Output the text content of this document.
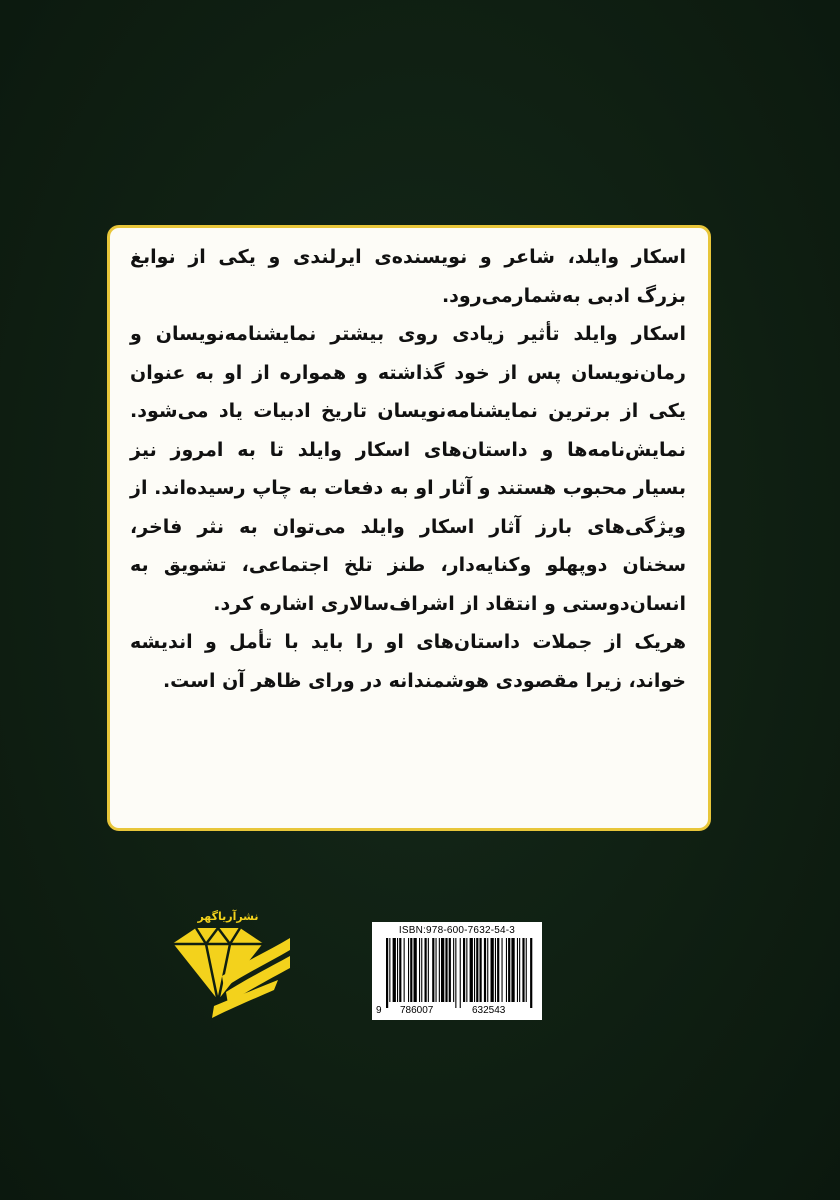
اسکار وایلد، شاعر و نویسنده‌ی ایرلندی و یکی از نوابغ بزرگ ادبی به‌شمارمی‌رود.

اسکار وایلد تأثیر زیادی روی بیشتر نمایشنامه‌نویسان و رمان‌نویسان پس از خود گذاشته و همواره از او به عنوان یکی از برترین نمایشنامه‌نویسان تاریخ ادبیات یاد می‌شود. نمایش‌نامه‌ها و داستان‌های اسکار وایلد تا به امروز نیز بسیار محبوب هستند و آثار او به دفعات به چاپ رسیده‌اند. از ویژگی‌های بارز آثار اسکار وایلد می‌توان به نثر فاخر، سخنان دوپهلو وکنایه‌دار، طنز تلخ اجتماعی، تشویق به انسان‌دوستی و انتقاد از اشراف‌سالاری اشاره کرد.

هریک از جملات داستان‌های او را باید با تأمل و اندیشه خواند، زیرا مقصودی هوشمندانه در ورای ظاهر آن است.

نشرآریاگهر
ISBN:978-600-7632-54-3
9 786007	632543
